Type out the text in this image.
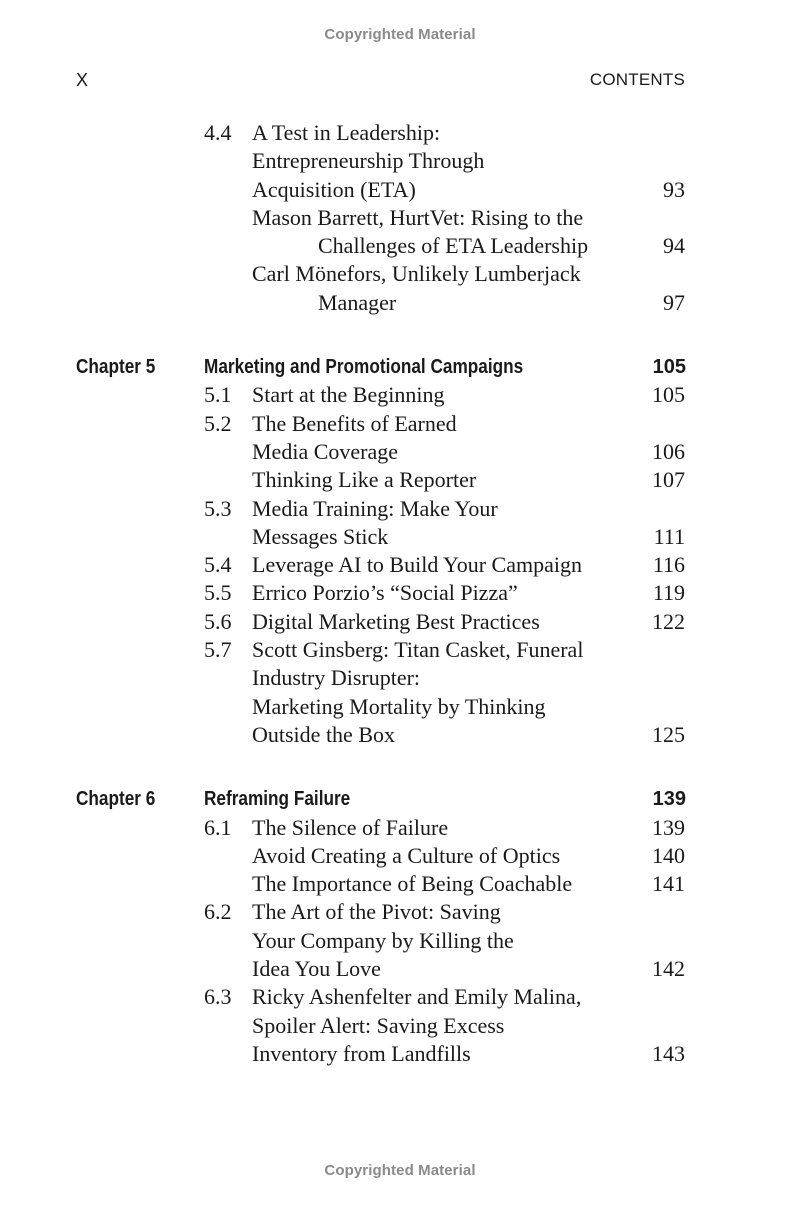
Copyrighted Material
X	CONTENTS
4.4 A Test in Leadership:
Entrepreneurship Through
Acquisition (ETA)	93
Mason Barrett, HurtVet: Rising to the
Challenges of ETA Leadership	94
Carl Mönefors, Unlikely Lumberjack
Manager	97
Chapter 5 Marketing and Promotional Campaigns	105
5.1 Start at the Beginning	105
5.2 The Benefits of Earned
Media Coverage	106
Thinking Like a Reporter	107
5.3 Media Training: Make Your
Messages Stick	111
5.4 Leverage AI to Build Your Campaign	116
5.5 Errico Porzio’s “Social Pizza”	119
5.6 Digital Marketing Best Practices	122
5.7 Scott Ginsberg: Titan Casket, Funeral
Industry Disrupter:
Marketing Mortality by Thinking
Outside the Box	125
Chapter 6 Reframing Failure	139
6.1 The Silence of Failure	139
Avoid Creating a Culture of Optics	140
The Importance of Being Coachable	141
6.2 The Art of the Pivot: Saving
Your Company by Killing the
Idea You Love	142
6.3 Ricky Ashenfelter and Emily Malina,
Spoiler Alert: Saving Excess
Inventory from Landfills	143
Copyrighted Material
